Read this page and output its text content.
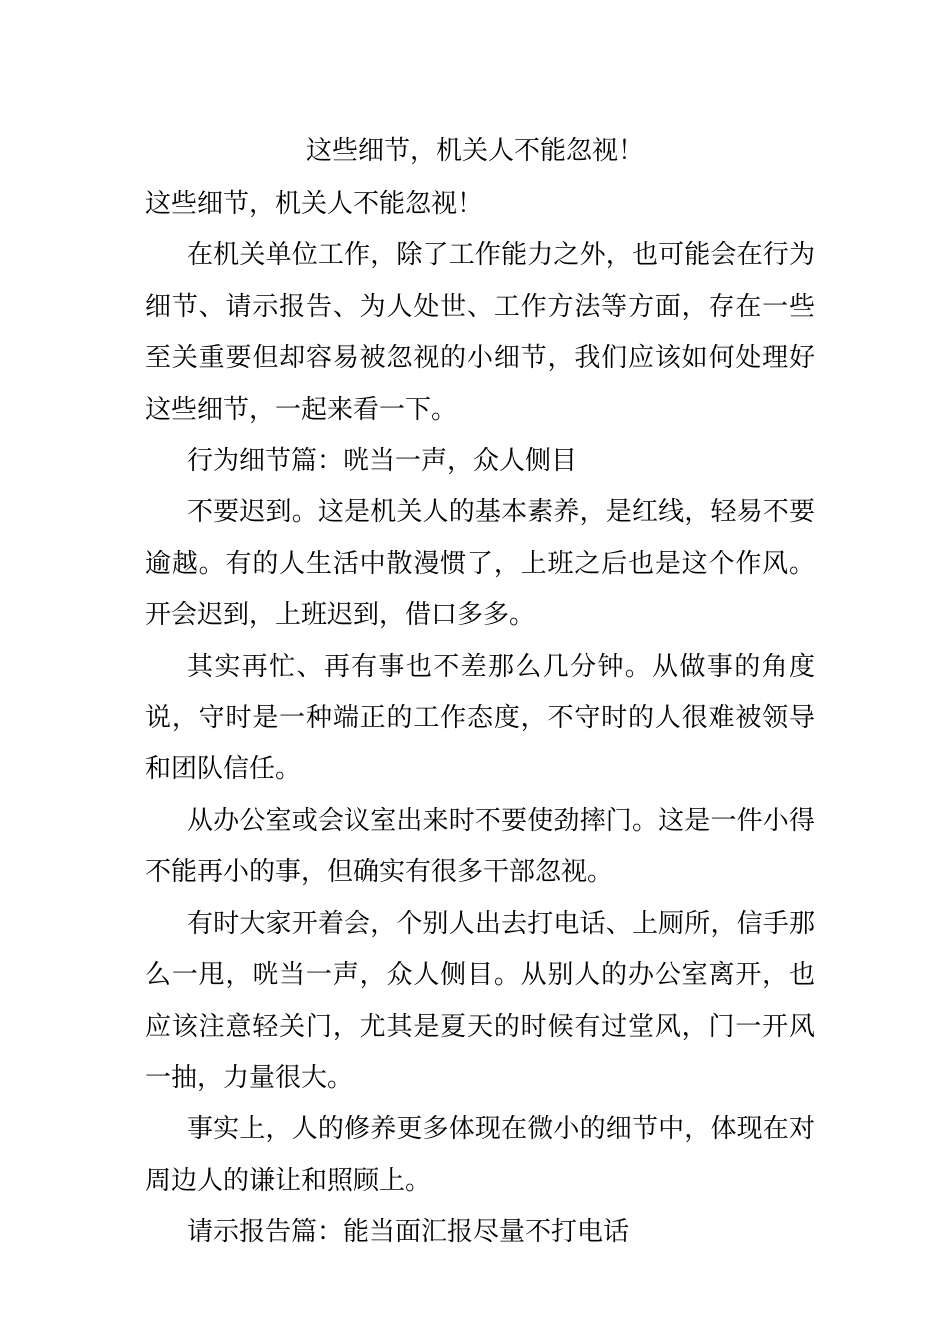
这些细节，机关人不能忽视！

这些细节，机关人不能忽视！

在机关单位工作，除了工作能力之外，也可能会在行为细节、请示报告、为人处世、工作方法等方面，存在一些至关重要但却容易被忽视的小细节，我们应该如何处理好这些细节，一起来看一下。

行为细节篇：咣当一声，众人侧目

不要迟到。这是机关人的基本素养，是红线，轻易不要逾越。有的人生活中散漫惯了，上班之后也是这个作风。开会迟到，上班迟到，借口多多。

其实再忙、再有事也不差那么几分钟。从做事的角度说，守时是一种端正的工作态度，不守时的人很难被领导和团队信任。

从办公室或会议室出来时不要使劲摔门。这是一件小得不能再小的事，但确实有很多干部忽视。

有时大家开着会，个别人出去打电话、上厕所，信手那么一甩，咣当一声，众人侧目。从别人的办公室离开，也应该注意轻关门，尤其是夏天的时候有过堂风，门一开风一抽，力量很大。

事实上，人的修养更多体现在微小的细节中，体现在对周边人的谦让和照顾上。

请示报告篇：能当面汇报尽量不打电话
